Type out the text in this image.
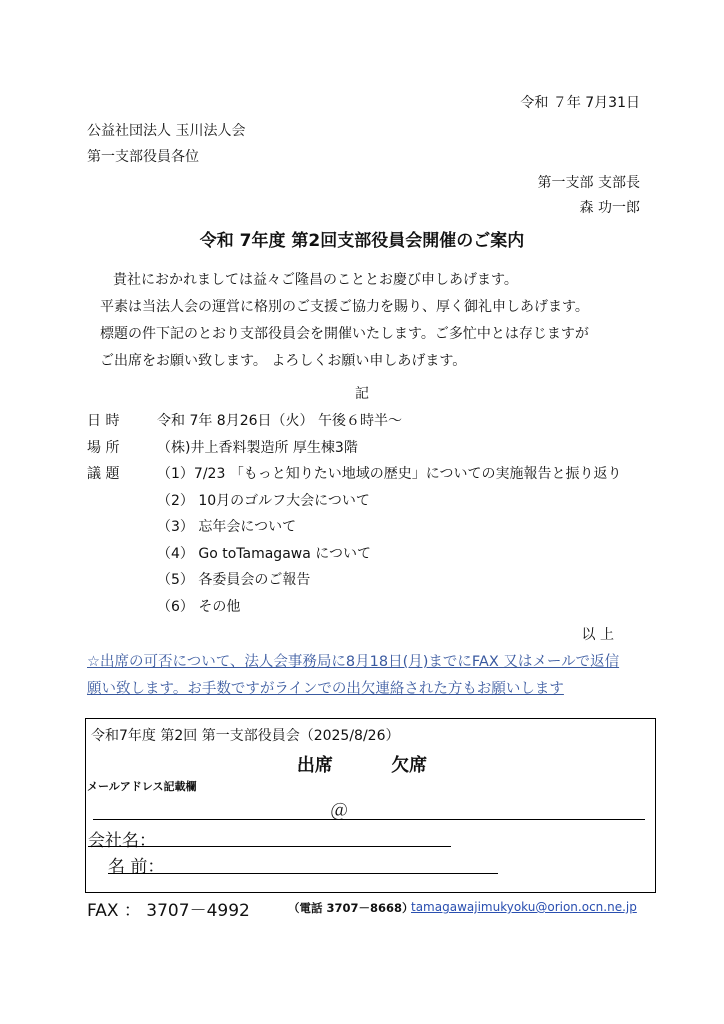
令和 ７年 7月31日
公益社団法人 玉川法人会
第一支部役員各位
第一支部 支部長
森 功一郎
令和 7年度 第2回支部役員会開催のご案内
貴社におかれましては益々ご隆昌のこととお慶び申しあげます。
平素は当法人会の運営に格別のご支援ご協力を賜り、厚く御礼申しあげます。
標題の件下記のとおり支部役員会を開催いたします。ご多忙中とは存じますが
ご出席をお願い致します。 よろしくお願い申しあげます。
記
日 時	令和 7年 8月26日（火） 午後６時半～
場 所	（株)井上香料製造所 厚生棟3階
議 題	（1）7/23 「もっと知りたい地域の歴史」についての実施報告と振り返り
（2） 10月のゴルフ大会について
（3） 忘年会について
（4） Go toTamagawa について
（5） 各委員会のご報告
（6） その他
以 上
☆出席の可否について、法人会事務局に8月18日(月)までにFAX 又はメールで返信
願い致します。お手数ですがラインでの出欠連絡された方もお願いします
令和7年度 第2回 第一支部役員会（2025/8/26）
出席	欠席
メールアドレス記載欄
＠
会社名：
名 前：
FAX ： 3707－4992	（電話 3707－8668）
tamagawajimukyoku@orion.ocn.ne.jp
